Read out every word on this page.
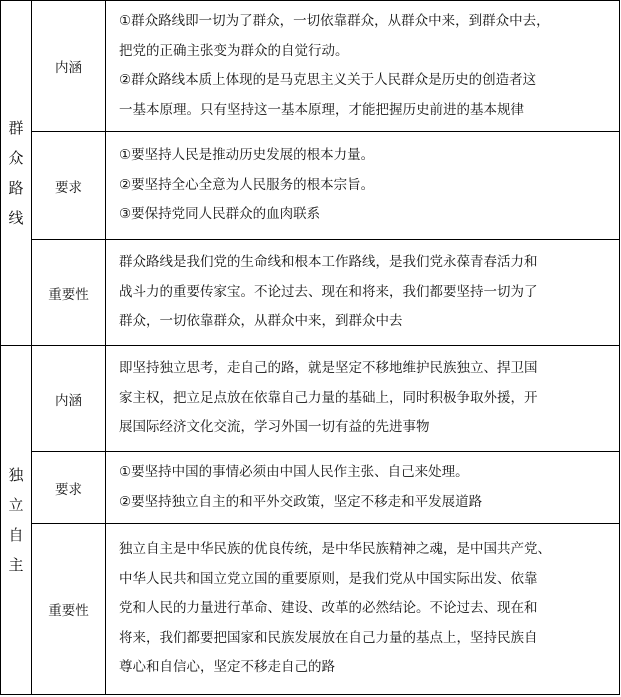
群众路线	内涵	①群众路线即一切为了群众，一切依靠群众，从群众中来，到群众中去，
把党的正确主张变为群众的自觉行动。
②群众路线本质上体现的是马克思主义关于人民群众是历史的创造者这
一基本原理。只有坚持这一基本原理，才能把握历史前进的基本规律

	要求	①要坚持人民是推动历史发展的根本力量。
②要坚持全心全意为人民服务的根本宗旨。
③要保持党同人民群众的血肉联系

	重要性	群众路线是我们党的生命线和根本工作路线，是我们党永葆青春活力和
战斗力的重要传家宝。不论过去、现在和将来，我们都要坚持一切为了
群众，一切依靠群众，从群众中来，到群众中去

独立自主	内涵	即坚持独立思考，走自己的路，就是坚定不移地维护民族独立、捍卫国
家主权，把立足点放在依靠自己力量的基础上，同时积极争取外援，开
展国际经济文化交流，学习外国一切有益的先进事物

	要求	①要坚持中国的事情必须由中国人民作主张、自己来处理。
②要坚持独立自主的和平外交政策，坚定不移走和平发展道路

	重要性	独立自主是中华民族的优良传统，是中华民族精神之魂，是中国共产党、
中华人民共和国立党立国的重要原则，是我们党从中国实际出发、依靠
党和人民的力量进行革命、建设、改革的必然结论。不论过去、现在和
将来，我们都要把国家和民族发展放在自己力量的基点上，坚持民族自
尊心和自信心，坚定不移走自己的路
